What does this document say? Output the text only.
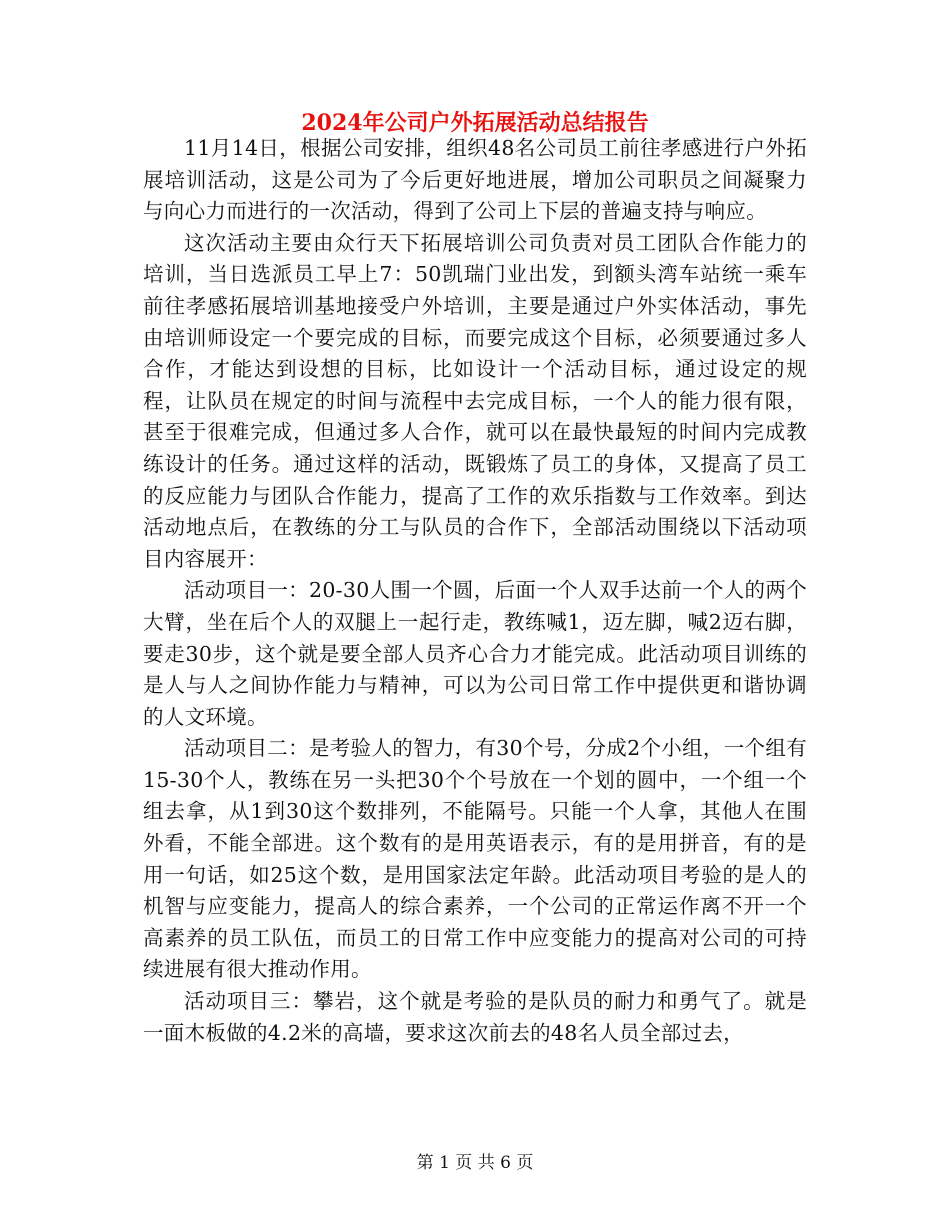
2024年公司户外拓展活动总结报告

11月14日，根据公司安排，组织48名公司员工前往孝感进行户外拓展培训活动，这是公司为了今后更好地进展，增加公司职员之间凝聚力与向心力而进行的一次活动，得到了公司上下层的普遍支持与响应。

这次活动主要由众行天下拓展培训公司负责对员工团队合作能力的培训，当日选派员工早上7：50凯瑞门业出发，到额头湾车站统一乘车前往孝感拓展培训基地接受户外培训，主要是通过户外实体活动，事先由培训师设定一个要完成的目标，而要完成这个目标，必须要通过多人合作，才能达到设想的目标，比如设计一个活动目标，通过设定的规程，让队员在规定的时间与流程中去完成目标，一个人的能力很有限，甚至于很难完成，但通过多人合作，就可以在最快最短的时间内完成教练设计的任务。通过这样的活动，既锻炼了员工的身体，又提高了员工的反应能力与团队合作能力，提高了工作的欢乐指数与工作效率。到达活动地点后，在教练的分工与队员的合作下，全部活动围绕以下活动项目内容展开：

活动项目一：20-30人围一个圆，后面一个人双手达前一个人的两个大臂，坐在后个人的双腿上一起行走，教练喊1，迈左脚，喊2迈右脚，要走30步，这个就是要全部人员齐心合力才能完成。此活动项目训练的是人与人之间协作能力与精神，可以为公司日常工作中提供更和谐协调的人文环境。

活动项目二：是考验人的智力，有30个号，分成2个小组，一个组有15-30个人，教练在另一头把30个个号放在一个划的圆中，一个组一个组去拿，从1到30这个数排列，不能隔号。只能一个人拿，其他人在围外看，不能全部进。这个数有的是用英语表示，有的是用拼音，有的是用一句话，如25这个数，是用国家法定年龄。此活动项目考验的是人的机智与应变能力，提高人的综合素养，一个公司的正常运作离不开一个高素养的员工队伍，而员工的日常工作中应变能力的提高对公司的可持续进展有很大推动作用。

活动项目三：攀岩，这个就是考验的是队员的耐力和勇气了。就是一面木板做的4.2米的高墙，要求这次前去的48名人员全部过去，

第 1 页 共 6 页
